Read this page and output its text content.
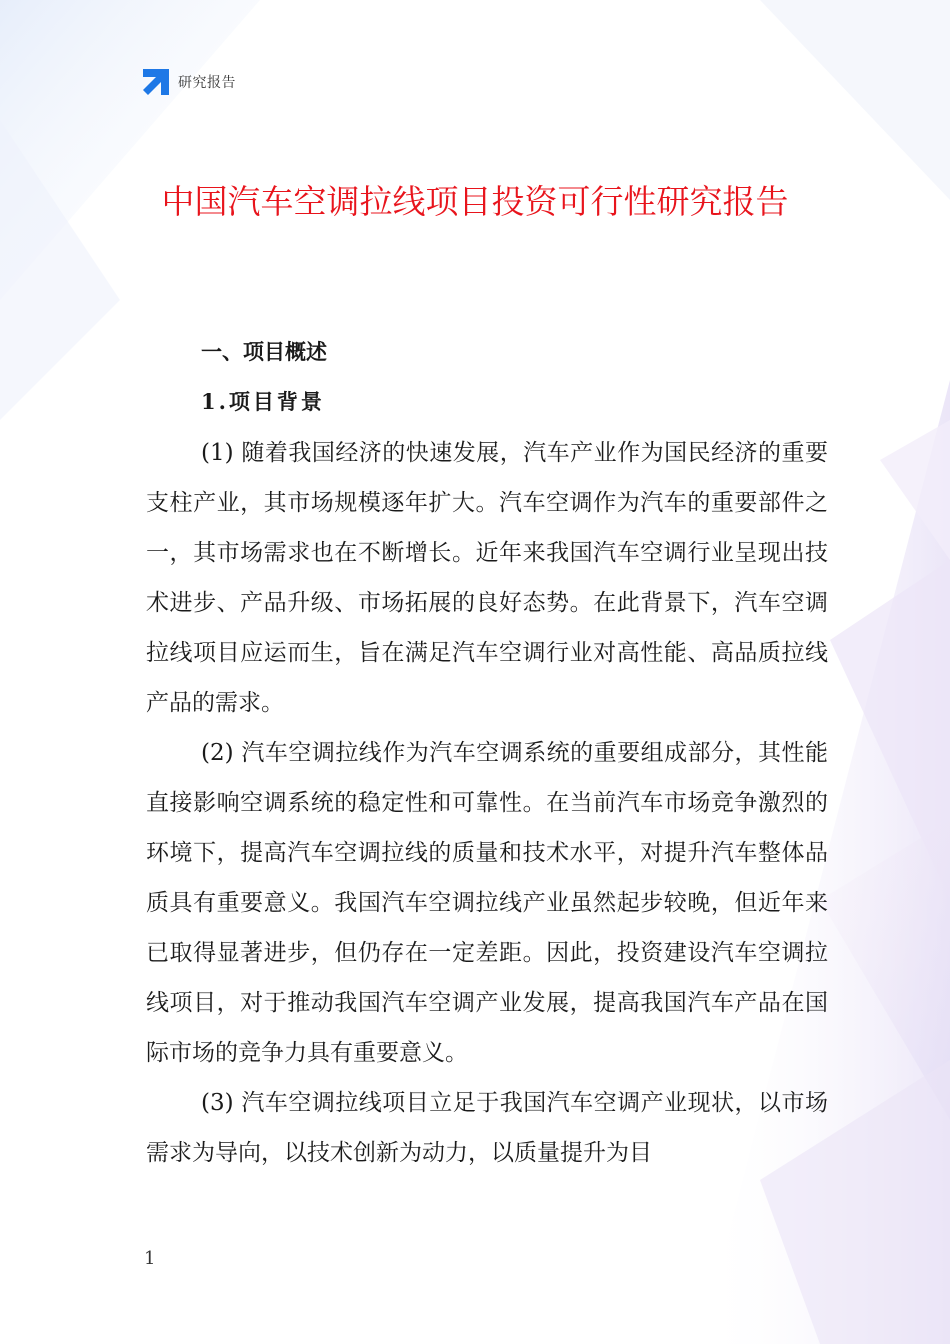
研究报告
中国汽车空调拉线项目投资可行性研究报告
一、项目概述
1.项目背景

(1) 随着我国经济的快速发展，汽车产业作为国民经济的重要支柱产业，其市场规模逐年扩大。汽车空调作为汽车的重要部件之一，其市场需求也在不断增长。近年来我国汽车空调行业呈现出技术进步、产品升级、市场拓展的良好态势。在此背景下，汽车空调拉线项目应运而生，旨在满足汽车空调行业对高性能、高品质拉线产品的需求。

(2) 汽车空调拉线作为汽车空调系统的重要组成部分，其性能直接影响空调系统的稳定性和可靠性。在当前汽车市场竞争激烈的环境下，提高汽车空调拉线的质量和技术水平，对提升汽车整体品质具有重要意义。我国汽车空调拉线产业虽然起步较晚，但近年来已取得显著进步，但仍存在一定差距。因此，投资建设汽车空调拉线项目，对于推动我国汽车空调产业发展，提高我国汽车产品在国际市场的竞争力具有重要意义。

(3) 汽车空调拉线项目立足于我国汽车空调产业现状，以市场需求为导向，以技术创新为动力，以质量提升为目

1
